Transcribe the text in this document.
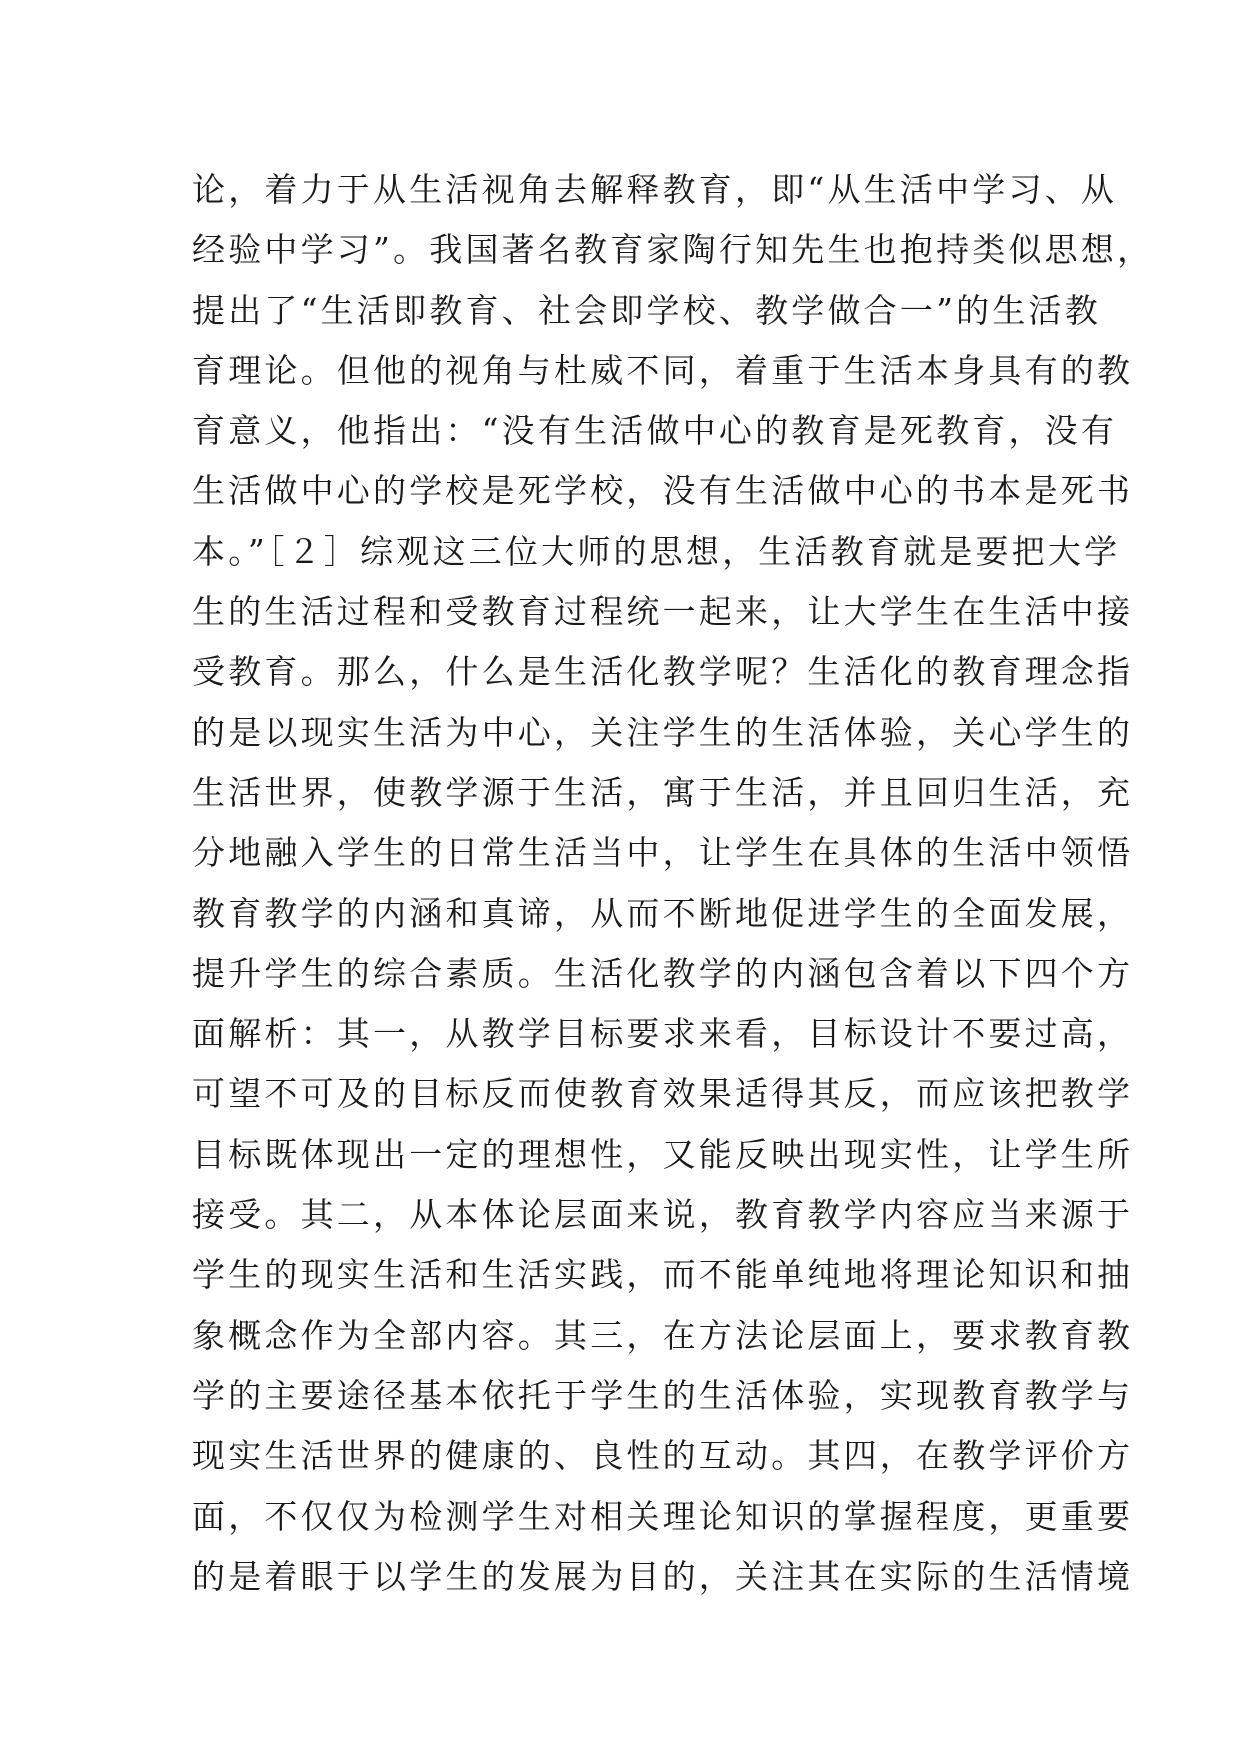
论，着力于从生活视角去解释教育，即“从生活中学习、从
经验中学习”。我国著名教育家陶行知先生也抱持类似思想，
提出了“生活即教育、社会即学校、教学做合一”的生活教
育理论。但他的视角与杜威不同，着重于生活本身具有的教
育意义，他指出：“没有生活做中心的教育是死教育，没有
生活做中心的学校是死学校，没有生活做中心的书本是死书
本。”［２］综观这三位大师的思想，生活教育就是要把大学
生的生活过程和受教育过程统一起来，让大学生在生活中接
受教育。那么，什么是生活化教学呢？生活化的教育理念指
的是以现实生活为中心，关注学生的生活体验，关心学生的
生活世界，使教学源于生活，寓于生活，并且回归生活，充
分地融入学生的日常生活当中，让学生在具体的生活中领悟
教育教学的内涵和真谛，从而不断地促进学生的全面发展，
提升学生的综合素质。生活化教学的内涵包含着以下四个方
面解析：其一，从教学目标要求来看，目标设计不要过高，
可望不可及的目标反而使教育效果适得其反，而应该把教学
目标既体现出一定的理想性，又能反映出现实性，让学生所
接受。其二，从本体论层面来说，教育教学内容应当来源于
学生的现实生活和生活实践，而不能单纯地将理论知识和抽
象概念作为全部内容。其三，在方法论层面上，要求教育教
学的主要途径基本依托于学生的生活体验，实现教育教学与
现实生活世界的健康的、良性的互动。其四，在教学评价方
面，不仅仅为检测学生对相关理论知识的掌握程度，更重要
的是着眼于以学生的发展为目的，关注其在实际的生活情境
